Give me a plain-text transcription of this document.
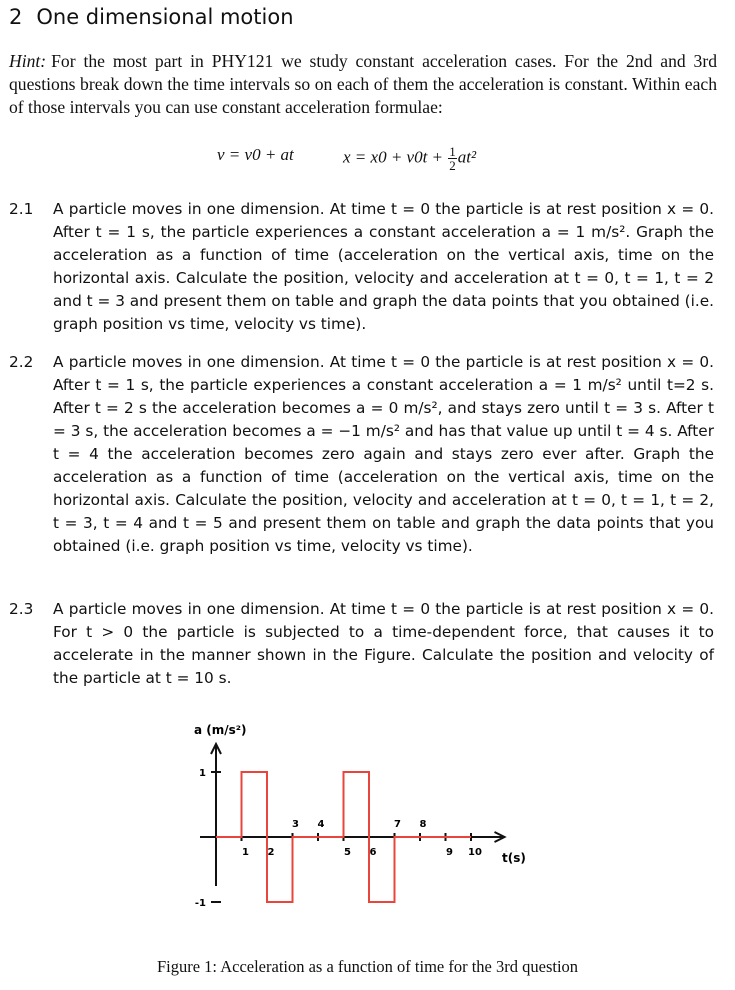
2 One dimensional motion
Hint: For the most part in PHY121 we study constant acceleration cases. For the 2nd and 3rd questions break down the time intervals so on each of them the acceleration is constant. Within each of those intervals you can use constant acceleration formulae:
v = v0 + at	$x = x0 + v0t + \frac{1}{2} at^2$
2.1 A particle moves in one dimension. At time t = 0 the particle is at rest position x = 0. After t = 1 s, the particle experiences a constant acceleration a = 1 m/s². Graph the acceleration as a function of time (acceleration on the vertical axis, time on the horizontal axis. Calculate the position, velocity and acceleration at t = 0, t = 1, t = 2 and t = 3 and present them on table and graph the data points that you obtained (i.e. graph position vs time, velocity vs time).
2.2 A particle moves in one dimension. At time t = 0 the particle is at rest position x = 0. After t = 1 s, the particle experiences a constant acceleration a = 1 m/s² until t=2 s. After t = 2 s the acceleration becomes a = 0 m/s², and stays zero until t = 3 s. After t = 3 s, the acceleration becomes a = −1 m/s² and has that value up until t = 4 s. After t = 4 the acceleration becomes zero again and stays zero ever after. Graph the acceleration as a function of time (acceleration on the vertical axis, time on the horizontal axis. Calculate the position, velocity and acceleration at t = 0, t = 1, t = 2, t = 3, t = 4 and t = 5 and present them on table and graph the data points that you obtained (i.e. graph position vs time, velocity vs time).
2.3 A particle moves in one dimension. At time t = 0 the particle is at rest position x = 0. For t > 0 the particle is subjected to a time-dependent force, that causes it to accelerate in the manner shown in the Figure. Calculate the position and velocity of the particle at t = 10 s.
1
-1
1 2	5 6	9 10
3 4	7 8
a (m/s²)
t(s)
Figure 1: Acceleration as a function of time for the 3rd question
